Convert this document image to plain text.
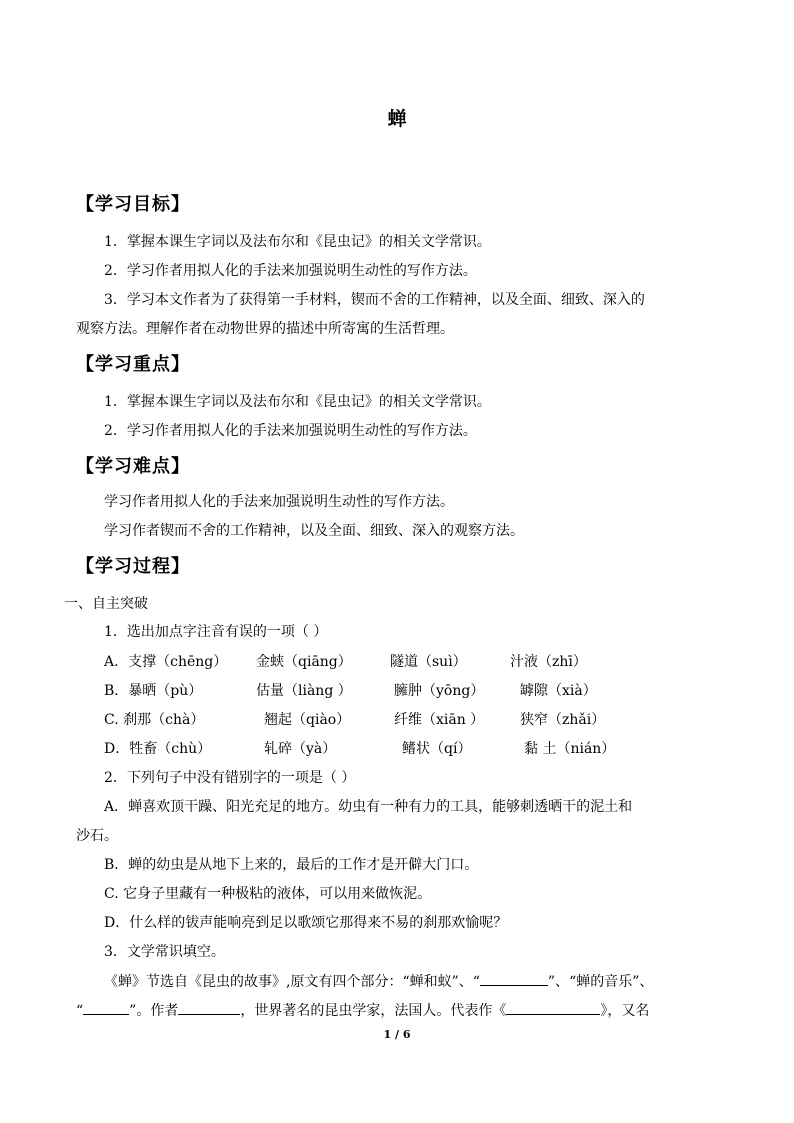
蝉
【学习目标】
1．掌握本课生字词以及法布尔和《昆虫记》的相关文学常识。
2．学习作者用拟人化的手法来加强说明生动性的写作方法。
3．学习本文作者为了获得第一手材料，锲而不舍的工作精神，以及全面、细致、深入的
观察方法。理解作者在动物世界的描述中所寄寓的生活哲理。
【学习重点】
1．掌握本课生字词以及法布尔和《昆虫记》的相关文学常识。
2．学习作者用拟人化的手法来加强说明生动性的写作方法。
【学习难点】
学习作者用拟人化的手法来加强说明生动性的写作方法。
学习作者锲而不舍的工作精神，以及全面、细致、深入的观察方法。
【学习过程】
一、自主突破
1．选出加点字注音有误的一项（ ）
A．支撑（chēng） 金蛱（qiāng）	隧道（suì）	汁液（zhī）
B．暴晒（pù）	估量（liàng ）	臃肿（yōng）	罅隙（xià）
C. 刹那（chà）	翘起（qiào）	纤维（xiān ）	狭窄（zhǎi）
D．牲畜（chù）	轧碎（yà）	鳍状（qí）	黏 土（nián）
2．下列句子中没有错别字的一项是（ ）
A．蝉喜欢顶干躁、阳光充足的地方。幼虫有一种有力的工具，能够刺透晒干的泥土和
沙石。
B．蝉的幼虫是从地下上来的，最后的工作才是开僻大门口。
C. 它身子里藏有一种极粘的液体，可以用来做恢泥。
D．什么样的钹声能响亮到足以歌颂它那得来不易的刹那欢愉呢？
3．文学常识填空。
《蝉》节选自《昆虫的故事》,原文有四个部分：“蝉和蚁”、“	”、“蝉的音乐”、
“	”。作者	，世界著名的昆虫学家，法国人。代表作《	》，又名
1 / 6
